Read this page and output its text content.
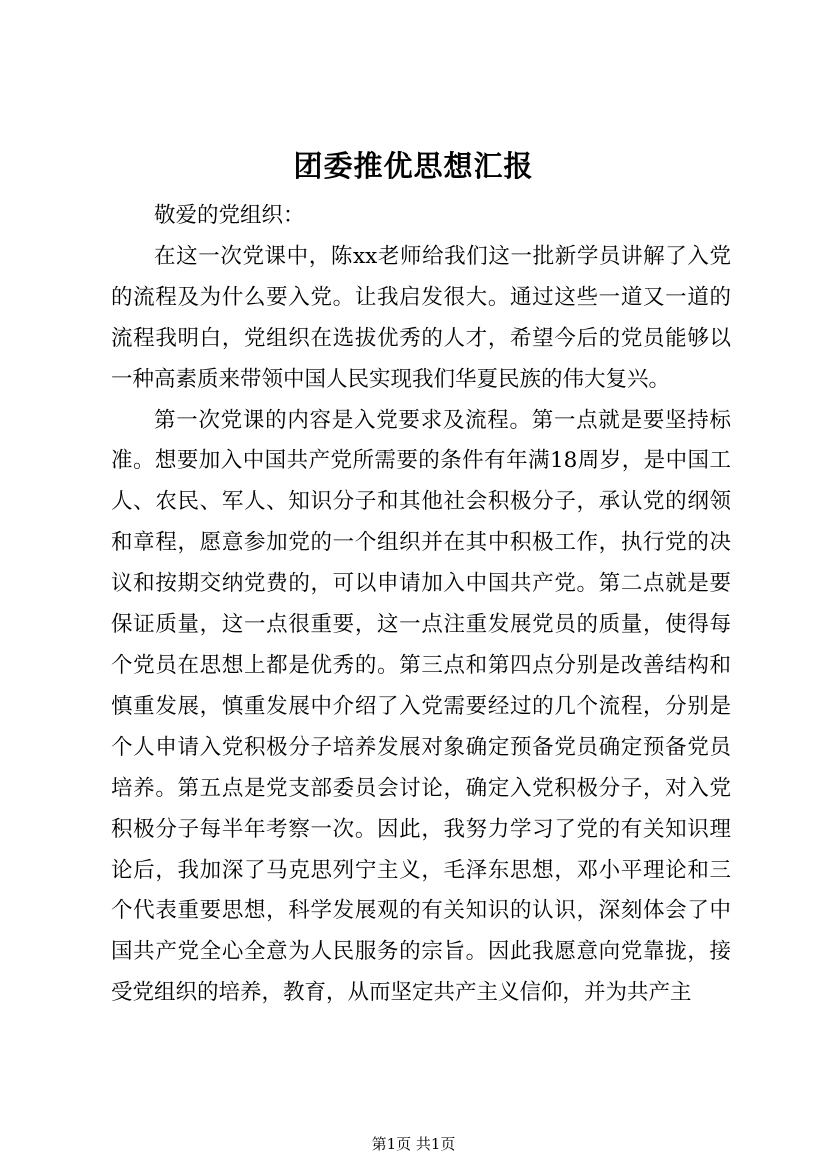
团委推优思想汇报

敬爱的党组织：

在这一次党课中，陈xx老师给我们这一批新学员讲解了入党的流程及为什么要入党。让我启发很大。通过这些一道又一道的流程我明白，党组织在选拔优秀的人才，希望今后的党员能够以一种高素质来带领中国人民实现我们华夏民族的伟大复兴。

第一次党课的内容是入党要求及流程。第一点就是要坚持标准。想要加入中国共产党所需要的条件有年满18周岁，是中国工人、农民、军人、知识分子和其他社会积极分子，承认党的纲领和章程，愿意参加党的一个组织并在其中积极工作，执行党的决议和按期交纳党费的，可以申请加入中国共产党。第二点就是要保证质量，这一点很重要，这一点注重发展党员的质量，使得每个党员在思想上都是优秀的。第三点和第四点分别是改善结构和慎重发展，慎重发展中介绍了入党需要经过的几个流程，分别是个人申请入党积极分子培养发展对象确定预备党员确定预备党员培养。第五点是党支部委员会讨论，确定入党积极分子，对入党积极分子每半年考察一次。因此，我努力学习了党的有关知识理论后，我加深了马克思列宁主义，毛泽东思想，邓小平理论和三个代表重要思想，科学发展观的有关知识的认识，深刻体会了中国共产党全心全意为人民服务的宗旨。因此我愿意向党靠拢，接受党组织的培养，教育，从而坚定共产主义信仰，并为共产主

第1页 共1页
